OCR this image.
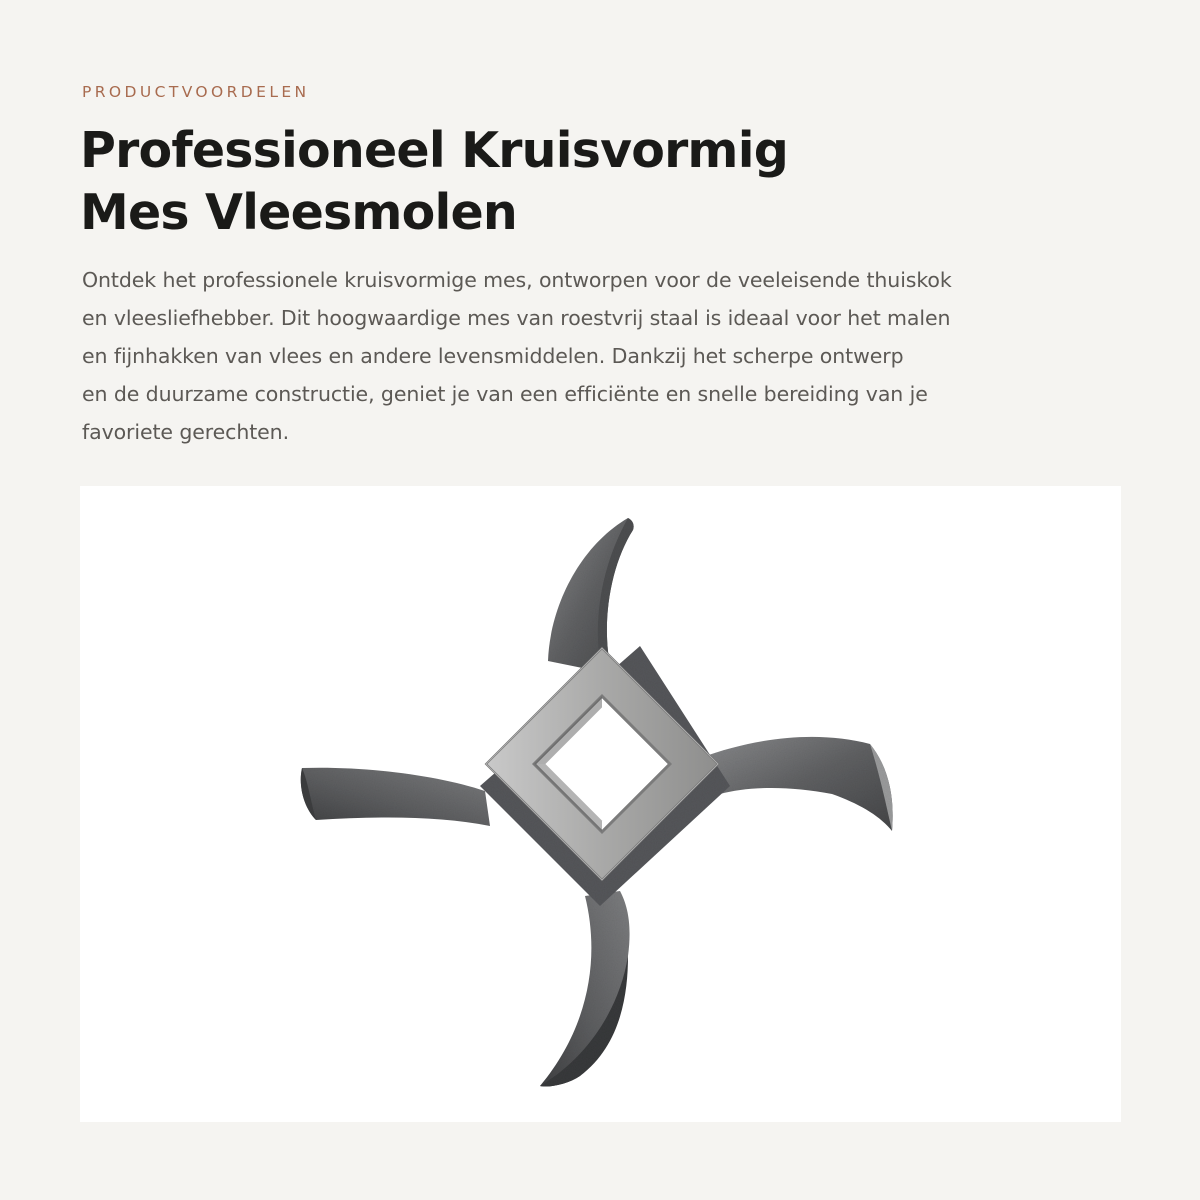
PRODUCTVOORDELEN

Professioneel Kruisvormig
Mes Vleesmolen

Ontdek het professionele kruisvormige mes, ontworpen voor de veeleisende thuiskok
en vleesliefhebber. Dit hoogwaardige mes van roestvrij staal is ideaal voor het malen
en fijnhakken van vlees en andere levensmiddelen. Dankzij het scherpe ontwerp
en de duurzame constructie, geniet je van een efficiënte en snelle bereiding van je
favoriete gerechten.
